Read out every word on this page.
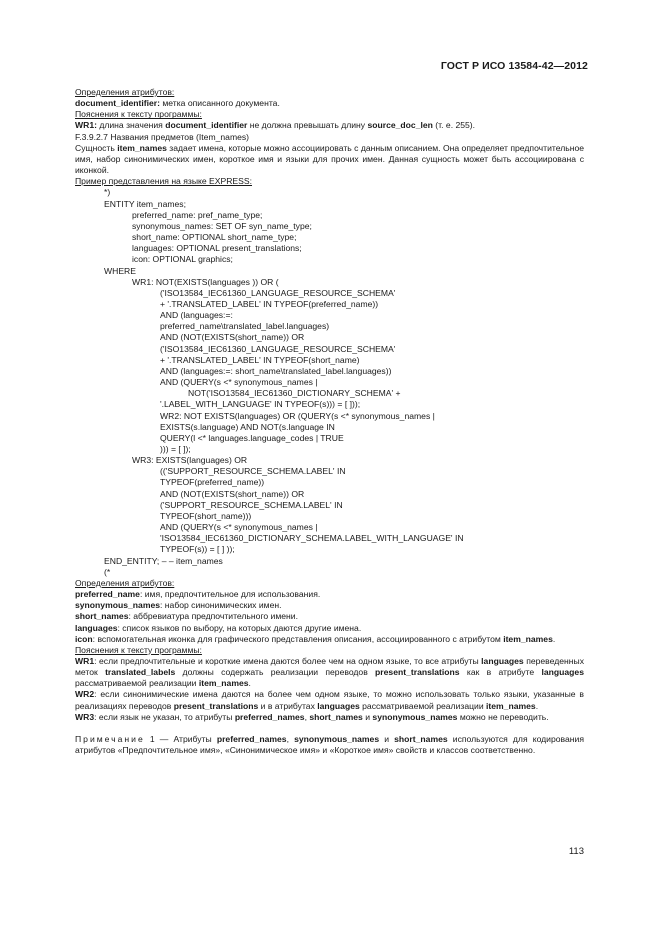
ГОСТ Р ИСО 13584-42—2012

Определения атрибутов:

document_identifier: метка описанного документа.

Пояснения к тексту программы:

WR1: длина значения document_identifier не должна превышать длину source_doc_len (т. е. 255).

F.3.9.2.7 Названия предметов (Item_names)

Сущность item_names задает имена, которые можно ассоциировать с данным описанием. Она определяет предпочтительное имя, набор синонимических имен, короткое имя и языки для прочих имен. Данная сущность может быть ассоциирована с иконкой.

Пример представления на языке EXPRESS:

*)

ENTITY item_names;

preferred_name: pref_name_type;

synonymous_names: SET OF syn_name_type;

short_name: OPTIONAL short_name_type;

languages: OPTIONAL present_translations;

icon: OPTIONAL graphics;

WHERE

WR1: NOT(EXISTS(languages )) OR (

('ISO13584_IEC61360_LANGUAGE_RESOURCE_SCHEMA'

+ '.TRANSLATED_LABEL' IN TYPEOF(preferred_name))

AND (languages:=:

preferred_name\translated_label.languages)

AND (NOT(EXISTS(short_name)) OR

('ISO13584_IEC61360_LANGUAGE_RESOURCE_SCHEMA'

+ '.TRANSLATED_LABEL' IN TYPEOF(short_name)

AND (languages:=: short_name\translated_label.languages))

AND (QUERY(s <* synonymous_names |

NOT('ISO13584_IEC61360_DICTIONARY_SCHEMA' +

'.LABEL_WITH_LANGUAGE' IN TYPEOF(s))) = [ ]));

WR2: NOT EXISTS(languages) OR (QUERY(s <* synonymous_names |

EXISTS(s.language) AND NOT(s.language IN

QUERY(l <* languages.language_codes | TRUE

))) = [ ]);

WR3: EXISTS(languages) OR

(('SUPPORT_RESOURCE_SCHEMA.LABEL' IN

TYPEOF(preferred_name))

AND (NOT(EXISTS(short_name)) OR

('SUPPORT_RESOURCE_SCHEMA.LABEL' IN

TYPEOF(short_name)))

AND (QUERY(s <* synonymous_names |

'ISO13584_IEC61360_DICTIONARY_SCHEMA.LABEL_WITH_LANGUAGE' IN

TYPEOF(s)) = [ ] ));

END_ENTITY; – – item_names

(*

Определения атрибутов:

preferred_name: имя, предпочтительное для использования.

synonymous_names: набор синонимических имен.

short_names: аббревиатура предпочтительного имени.

languages: список языков по выбору, на которых даются другие имена.

icon: вспомогательная иконка для графического представления описания, ассоциированного с атрибутом item_names.

Пояснения к тексту программы:

WR1: если предпочтительные и короткие имена даются более чем на одном языке, то все атрибуты languages переведенных меток translated_labels должны содержать реализации переводов present_translations как в атрибуте languages рассматриваемой реализации item_names.

WR2: если синонимические имена даются на более чем одном языке, то можно использовать только языки, указанные в реализациях переводов present_translations и в атрибутах languages рассматриваемой реализации item_names.

WR3: если язык не указан, то атрибуты preferred_names, short_names и synonymous_names можно не переводить.

Примечание 1 — Атрибуты preferred_names, synonymous_names и short_names используются для кодирования атрибутов «Предпочтительное имя», «Синонимическое имя» и «Короткое имя» свойств и классов соответственно.

113
